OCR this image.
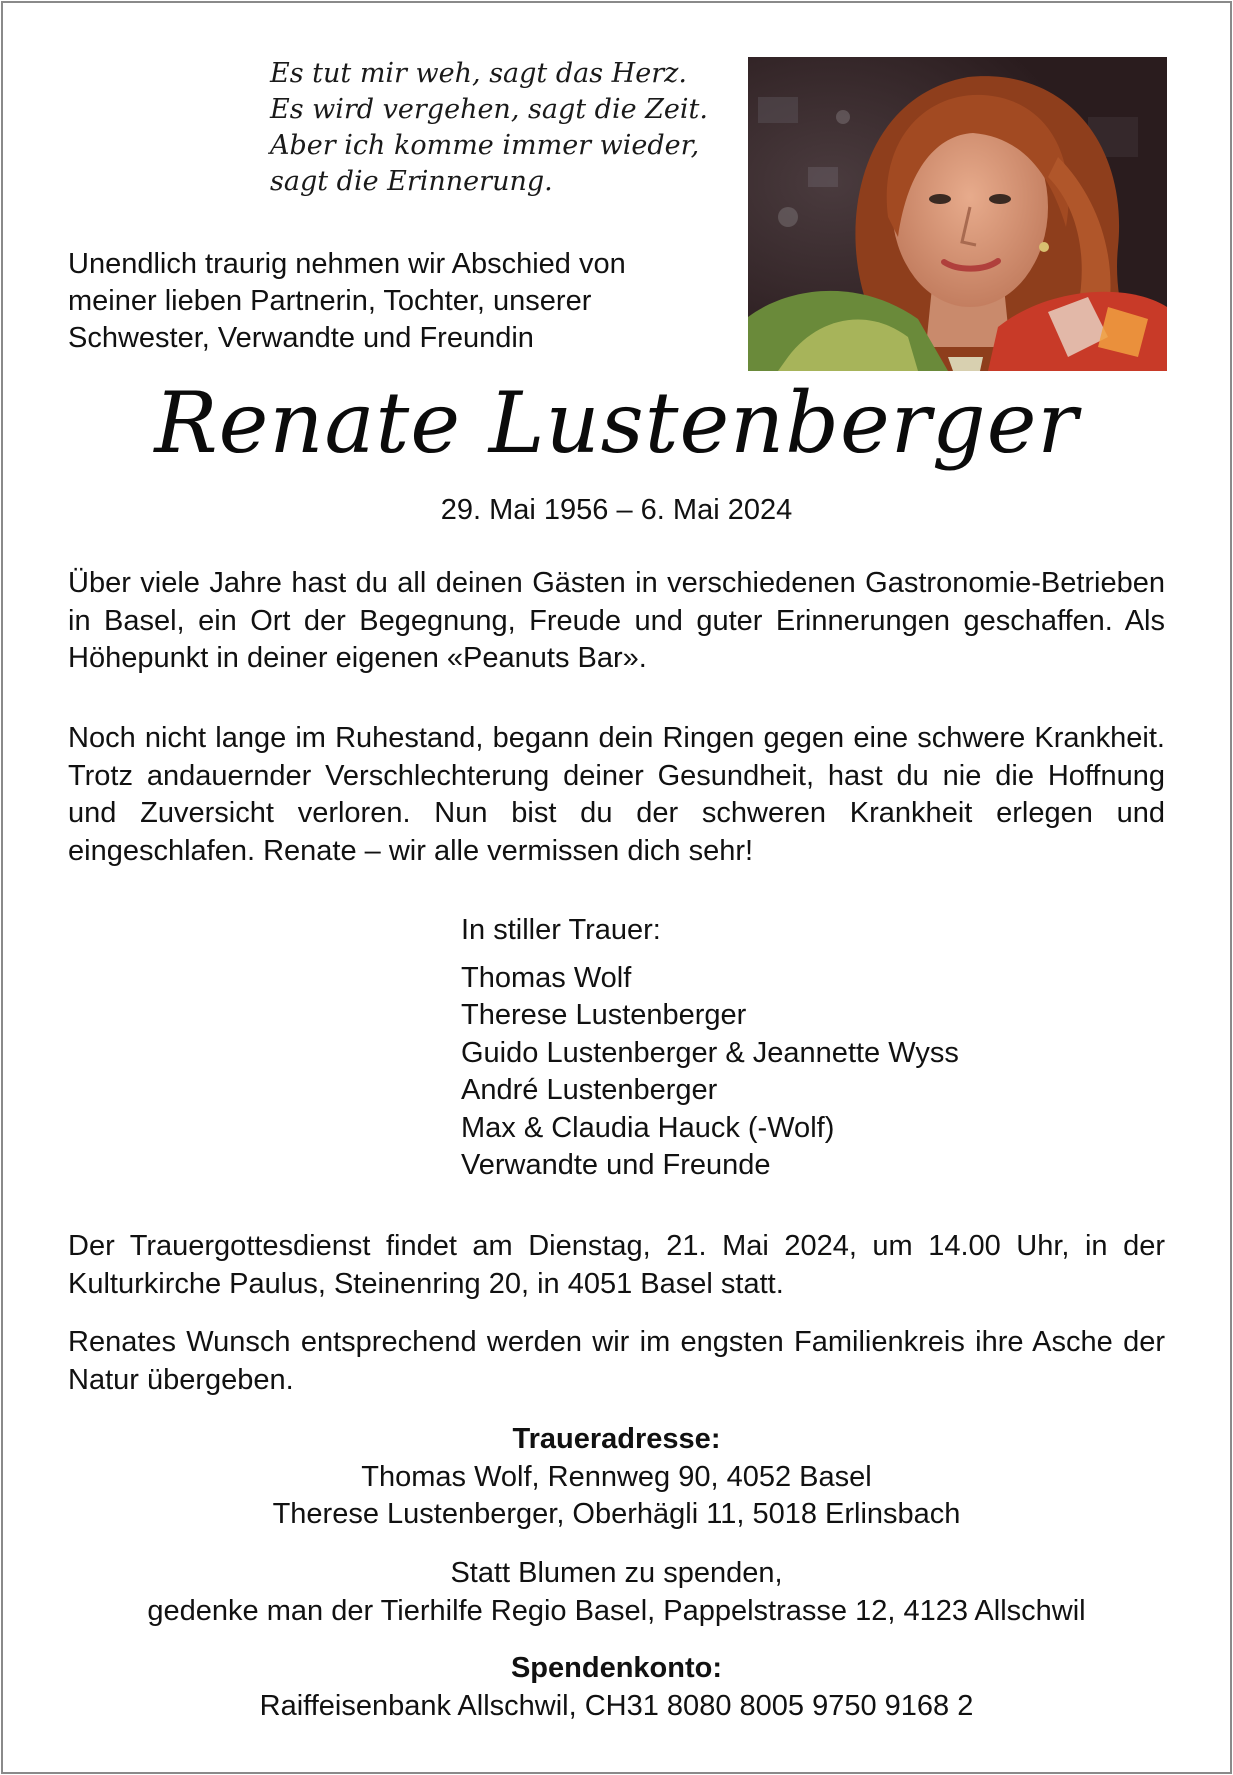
Es tut mir weh, sagt das Herz.
Es wird vergehen, sagt die Zeit.
Aber ich komme immer wieder,
sagt die Erinnerung.
Unendlich traurig nehmen wir Abschied von meiner lieben Partnerin, Tochter, unserer Schwester, Verwandte und Freundin
Renate Lustenberger
29. Mai 1956 – 6. Mai 2024
Über viele Jahre hast du all deinen Gästen in verschiedenen Gastronomie-Betrieben in Basel, ein Ort der Begegnung, Freude und guter Erinnerungen geschaffen. Als Höhepunkt in deiner eigenen «Peanuts Bar».
Noch nicht lange im Ruhestand, begann dein Ringen gegen eine schwere Krankheit. Trotz andauernder Verschlechterung deiner Gesundheit, hast du nie die Hoffnung und Zuversicht verloren. Nun bist du der schweren Krankheit erlegen und eingeschlafen. Renate – wir alle vermissen dich sehr!
In stiller Trauer:
Thomas Wolf
Therese Lustenberger
Guido Lustenberger & Jeannette Wyss
André Lustenberger
Max & Claudia Hauck (-Wolf)
Verwandte und Freunde
Der Trauergottesdienst findet am Dienstag, 21. Mai 2024, um 14.00 Uhr, in der Kulturkirche Paulus, Steinenring 20, in 4051 Basel statt.
Renates Wunsch entsprechend werden wir im engsten Familienkreis ihre Asche der Natur übergeben.
Traueradresse:
Thomas Wolf, Rennweg 90, 4052 Basel
Therese Lustenberger, Oberhägli 11, 5018 Erlinsbach
Statt Blumen zu spenden,
gedenke man der Tierhilfe Regio Basel, Pappelstrasse 12, 4123 Allschwil
Spendenkonto:
Raiffeisenbank Allschwil, CH31 8080 8005 9750 9168 2
